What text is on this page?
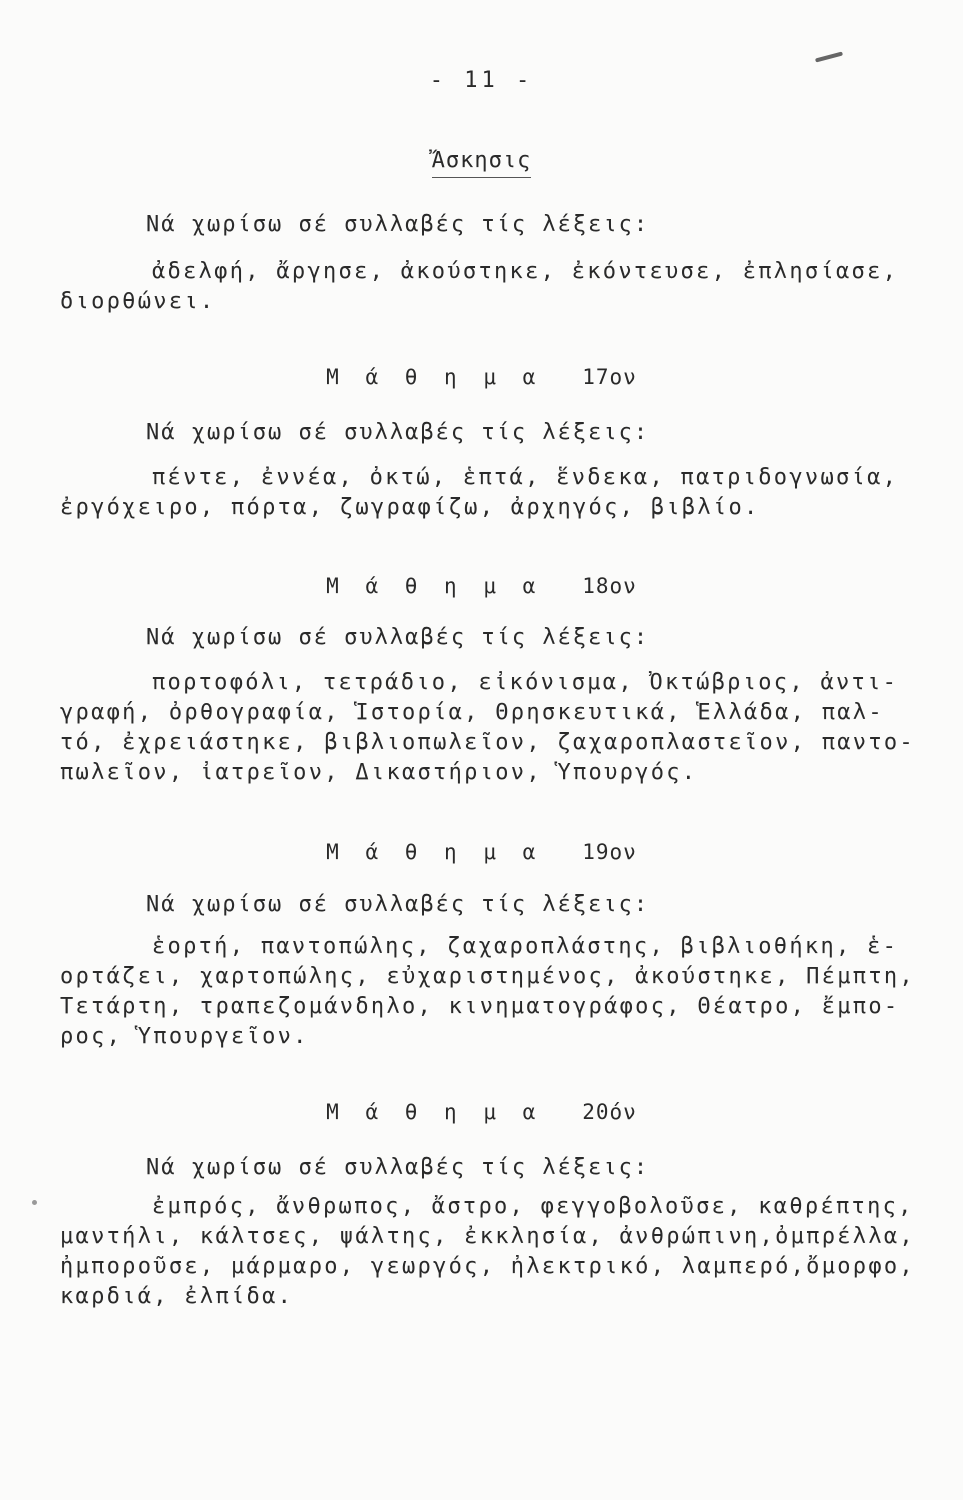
- 11 -
Ἄσκησις
Νά χωρίσω σέ συλλαβές τίς λέξεις:
ἀδελφή, ἄργησε, ἀκούστηκε, ἐκόντευσε, ἐπλησίασε,
διορθώνει.
Μ ά θ η μ α 17ον
Νά χωρίσω σέ συλλαβές τίς λέξεις:
πέντε, ἐννέα, ὀκτώ, ἑπτά, ἕνδεκα, πατριδογνωσία,
ἐργόχειρο, πόρτα, ζωγραφίζω, ἀρχηγός, βιβλίο.
Μ ά θ η μ α 18ον
Νά χωρίσω σέ συλλαβές τίς λέξεις:
πορτοφόλι, τετράδιο, εἰκόνισμα, Ὀκτώβριος, ἀντι-
γραφή, ὀρθογραφία, Ἱστορία, Θρησκευτικά, Ἑλλάδα, παλ-
τό, ἐχρειάστηκε, βιβλιοπωλεῖον, ζαχαροπλαστεῖον, παντο-
πωλεῖον, ἰατρεῖον, Δικαστήριον, Ὑπουργός.
Μ ά θ η μ α 19ον
Νά χωρίσω σέ συλλαβές τίς λέξεις:
ἑορτή, παντοπώλης, ζαχαροπλάστης, βιβλιοθήκη, ἑ-
ορτάζει, χαρτοπώλης, εὐχαριστημένος, ἀκούστηκε, Πέμπτη,
Τετάρτη, τραπεζομάνδηλο, κινηματογράφος, Θέατρο, ἔμπο-
ρος, Ὑπουργεῖον.
Μ ά θ η μ α 20όν
Νά χωρίσω σέ συλλαβές τίς λέξεις:
ἐμπρός, ἄνθρωπος, ἄστρο, φεγγοβολοῦσε, καθρέπτης,
μαντήλι, κάλτσες, ψάλτης, ἐκκλησία, ἀνθρώπινη,ὀμπρέλλα,
ἠμποροῦσε, μάρμαρο, γεωργός, ἠλεκτρικό, λαμπερό,ὄμορφο,
καρδιά, ἐλπίδα.
